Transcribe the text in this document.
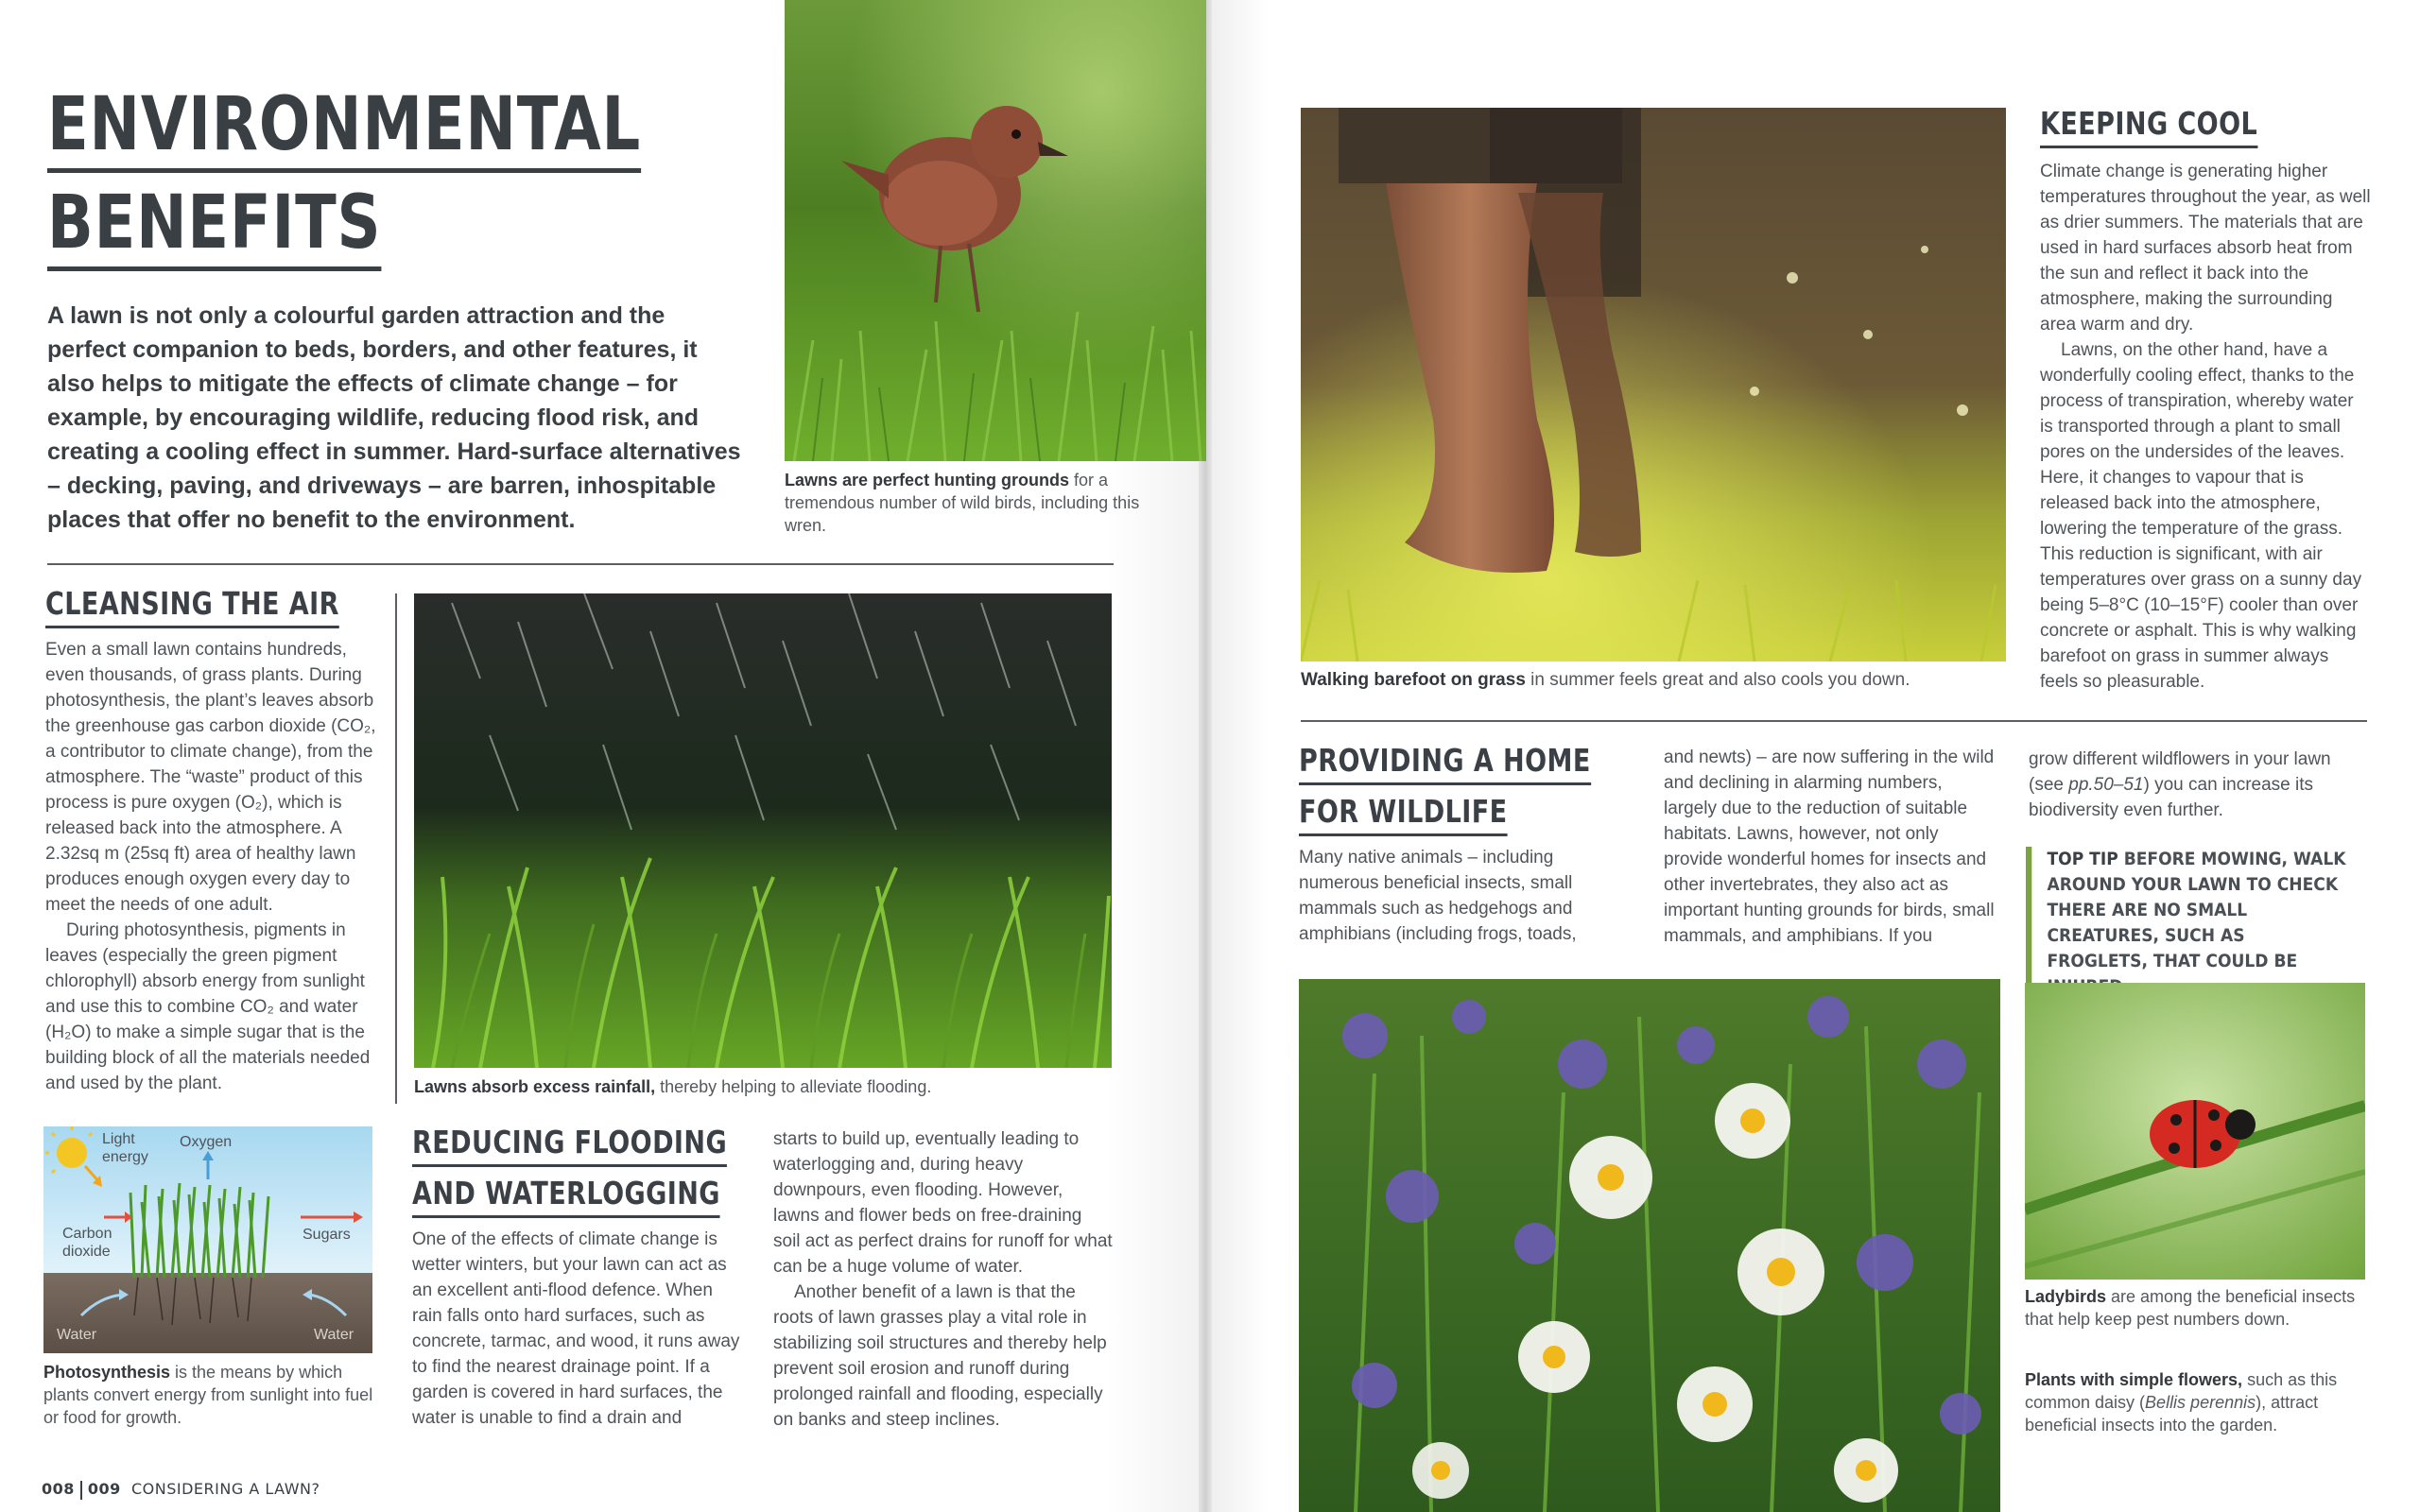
ENVIRONMENTAL
BENEFITS
A lawn is not only a colourful garden attraction and the perfect companion to beds, borders, and other features, it also helps to mitigate the effects of climate change – for example, by encouraging wildlife, reducing flood risk, and creating a cooling effect in summer. Hard-surface alternatives – decking, paving, and driveways – are barren, inhospitable places that offer no benefit to the environment.
Lawns are perfect hunting grounds for a tremendous number of wild birds, including this wren.
CLEANSING THE AIR

Even a small lawn contains hundreds, even thousands, of grass plants. During photosynthesis, the plant’s leaves absorb the greenhouse gas carbon dioxide (CO₂, a contributor to climate change), from the atmosphere. The “waste” product of this process is pure oxygen (O₂), which is released back into the atmosphere. A 2.32sq m (25sq ft) area of healthy lawn produces enough oxygen every day to meet the needs of one adult.

During photosynthesis, pigments in leaves (especially the green pigment chlorophyll) absorb energy from sunlight and use this to combine CO₂ and water (H₂O) to make a simple sugar that is the building block of all the materials needed and used by the plant.	Lawns absorb excess rainfall, thereby helping to alleviate flooding.
Light
energy
Oxygen
Carbon
dioxide
Sugars
Water	Water
Photosynthesis is the means by which plants convert energy from sunlight into fuel or food for growth.
REDUCING FLOODING
AND WATERLOGGING

One of the effects of climate change is wetter winters, but your lawn can act as an excellent anti-flood defence. When rain falls onto hard surfaces, such as concrete, tarmac, and wood, it runs away to find the nearest drainage point. If a garden is covered in hard surfaces, the water is unable to find a drain and

starts to build up, eventually leading to waterlogging and, during heavy downpours, even flooding. However, lawns and flower beds on free-draining soil act as perfect drains for runoff for what can be a huge volume of water.

Another benefit of a lawn is that the roots of lawn grasses play a vital role in stabilizing soil structures and thereby help prevent soil erosion and runoff during prolonged rainfall and flooding, especially on banks and steep inclines.

008 009 CONSIDERING A LAWN?
Walking barefoot on grass in summer feels great and also cools you down.
KEEPING COOL

Climate change is generating higher temperatures throughout the year, as well as drier summers. The materials that are used in hard surfaces absorb heat from the sun and reflect it back into the atmosphere, making the surrounding area warm and dry.

Lawns, on the other hand, have a wonderfully cooling effect, thanks to the process of transpiration, whereby water is transported through a plant to small pores on the undersides of the leaves. Here, it changes to vapour that is released back into the atmosphere, lowering the temperature of the grass. This reduction is significant, with air temperatures over grass on a sunny day being 5–8°C (10–15°F) cooler than over concrete or asphalt. This is why walking barefoot on grass in summer always feels so pleasurable.

PROVIDING A HOME
FOR WILDLIFE

Many native animals – including numerous beneficial insects, small mammals such as hedgehogs and amphibians (including frogs, toads,

and newts) – are now suffering in the wild and declining in alarming numbers, largely due to the reduction of suitable habitats. Lawns, however, not only provide wonderful homes for insects and other invertebrates, they also act as important hunting grounds for birds, small mammals, and amphibians. If you

grow different wildflowers in your lawn (see pp.50–51) you can increase its biodiversity even further.

TOP TIP BEFORE MOWING, WALK AROUND YOUR LAWN TO CHECK THERE ARE NO SMALL CREATURES, SUCH AS FROGLETS, THAT COULD BE
Ladybirds are among the beneficial insects that help keep pest numbers down.
Plants with simple flowers, such as this common daisy (Bellis perennis), attract beneficial insects into the garden.
